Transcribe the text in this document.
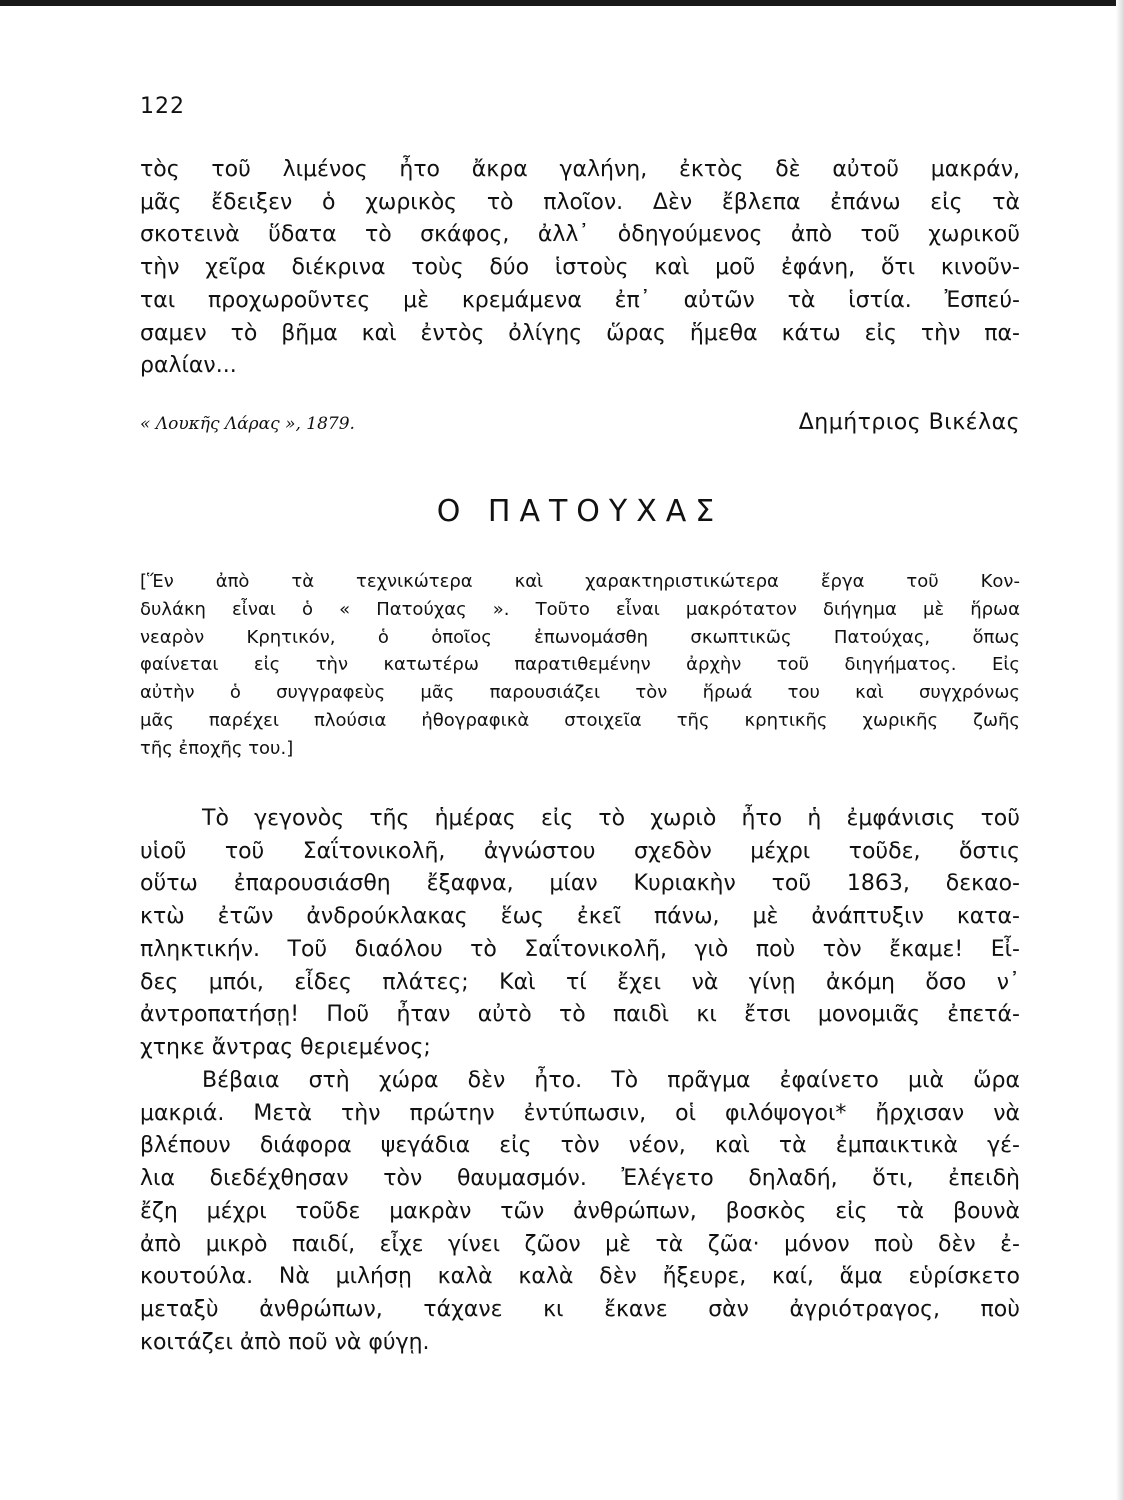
122
τὸς τοῦ λιμένος ἦτο ἄκρα γαλήνη, ἐκτὸς δὲ αὐτοῦ μακράν,
μᾶς ἔδειξεν ὁ χωρικὸς τὸ πλοῖον. Δὲν ἔβλεπα ἐπάνω εἰς τὰ
σκοτεινὰ ὕδατα τὸ σκάφος, ἀλλ᾽ ὁδηγούμενος ἀπὸ τοῦ χωρικοῦ
τὴν χεῖρα διέκρινα τοὺς δύο ἱστοὺς καὶ μοῦ ἐφάνη, ὅτι κινοῦν-
ται προχωροῦντες μὲ κρεμάμενα ἐπ᾽ αὐτῶν τὰ ἱστία. Ἐσπεύ-
σαμεν τὸ βῆμα καὶ ἐντὸς ὀλίγης ὥρας ἥμεθα κάτω εἰς τὴν πα-
ραλίαν...
« Λουκῆς Λάρας », 1879.	Δημήτριος Βικέλας
Ο ΠΑΤΟΥΧΑΣ
[Ἕν ἀπὸ τὰ τεχνικώτερα καὶ χαρακτηριστικώτερα ἔργα τοῦ Κον-
δυλάκη εἶναι ὁ « Πατούχας ». Τοῦτο εἶναι μακρότατον διήγημα μὲ ἥρωα
νεαρὸν Κρητικόν, ὁ ὁποῖος ἐπωνομάσθη σκωπτικῶς Πατούχας, ὅπως
φαίνεται εἰς τὴν κατωτέρω παρατιθεμένην ἀρχὴν τοῦ διηγήματος. Εἰς
αὐτὴν ὁ συγγραφεὺς μᾶς παρουσιάζει τὸν ἥρωά του καὶ συγχρόνως
μᾶς παρέχει πλούσια ἠθογραφικὰ στοιχεῖα τῆς κρητικῆς χωρικῆς ζωῆς
τῆς ἐποχῆς του.]
Τὸ γεγονὸς τῆς ἡμέρας εἰς τὸ χωριὸ ἦτο ἡ ἐμφάνισις τοῦ
υἱοῦ τοῦ Σαΐτονικολῆ, ἀγνώστου σχεδὸν μέχρι τοῦδε, ὅστις
οὕτω ἐπαρουσιάσθη ἔξαφνα, μίαν Κυριακὴν τοῦ 1863, δεκαο-
κτὼ ἐτῶν ἀνδρούκλακας ἕως ἐκεῖ πάνω, μὲ ἀνάπτυξιν κατα-
πληκτικήν. Τοῦ διαόλου τὸ Σαΐτονικολῆ, γιὸ ποὺ τὸν ἔκαμε! Εἶ-
δες μπόι, εἶδες πλάτες; Καὶ τί ἔχει νὰ γίνῃ ἀκόμη ὅσο ν᾽
ἀντροπατήσῃ! Ποῦ ἦταν αὐτὸ τὸ παιδὶ κι ἔτσι μονομιᾶς ἐπετά-
χτηκε ἄντρας θεριεμένος;
Βέβαια στὴ χώρα δὲν ἦτο. Τὸ πρᾶγμα ἐφαίνετο μιὰ ὥρα
μακριά. Μετὰ τὴν πρώτην ἐντύπωσιν, οἱ φιλόψογοι* ἤρχισαν νὰ
βλέπουν διάφορα ψεγάδια εἰς τὸν νέον, καὶ τὰ ἐμπαικτικὰ γέ-
λια διεδέχθησαν τὸν θαυμασμόν. Ἐλέγετο δηλαδή, ὅτι, ἐπειδὴ
ἔζη μέχρι τοῦδε μακρὰν τῶν ἀνθρώπων, βοσκὸς εἰς τὰ βουνὰ
ἀπὸ μικρὸ παιδί, εἶχε γίνει ζῶον μὲ τὰ ζῶα· μόνον ποὺ δὲν ἐ-
κουτούλα. Νὰ μιλήσῃ καλὰ καλὰ δὲν ἤξευρε, καί, ἅμα εὑρίσκετο
μεταξὺ ἀνθρώπων, τάχανε κι ἔκανε σὰν ἀγριότραγος, ποὺ
κοιτάζει ἀπὸ ποῦ νὰ φύγῃ.
